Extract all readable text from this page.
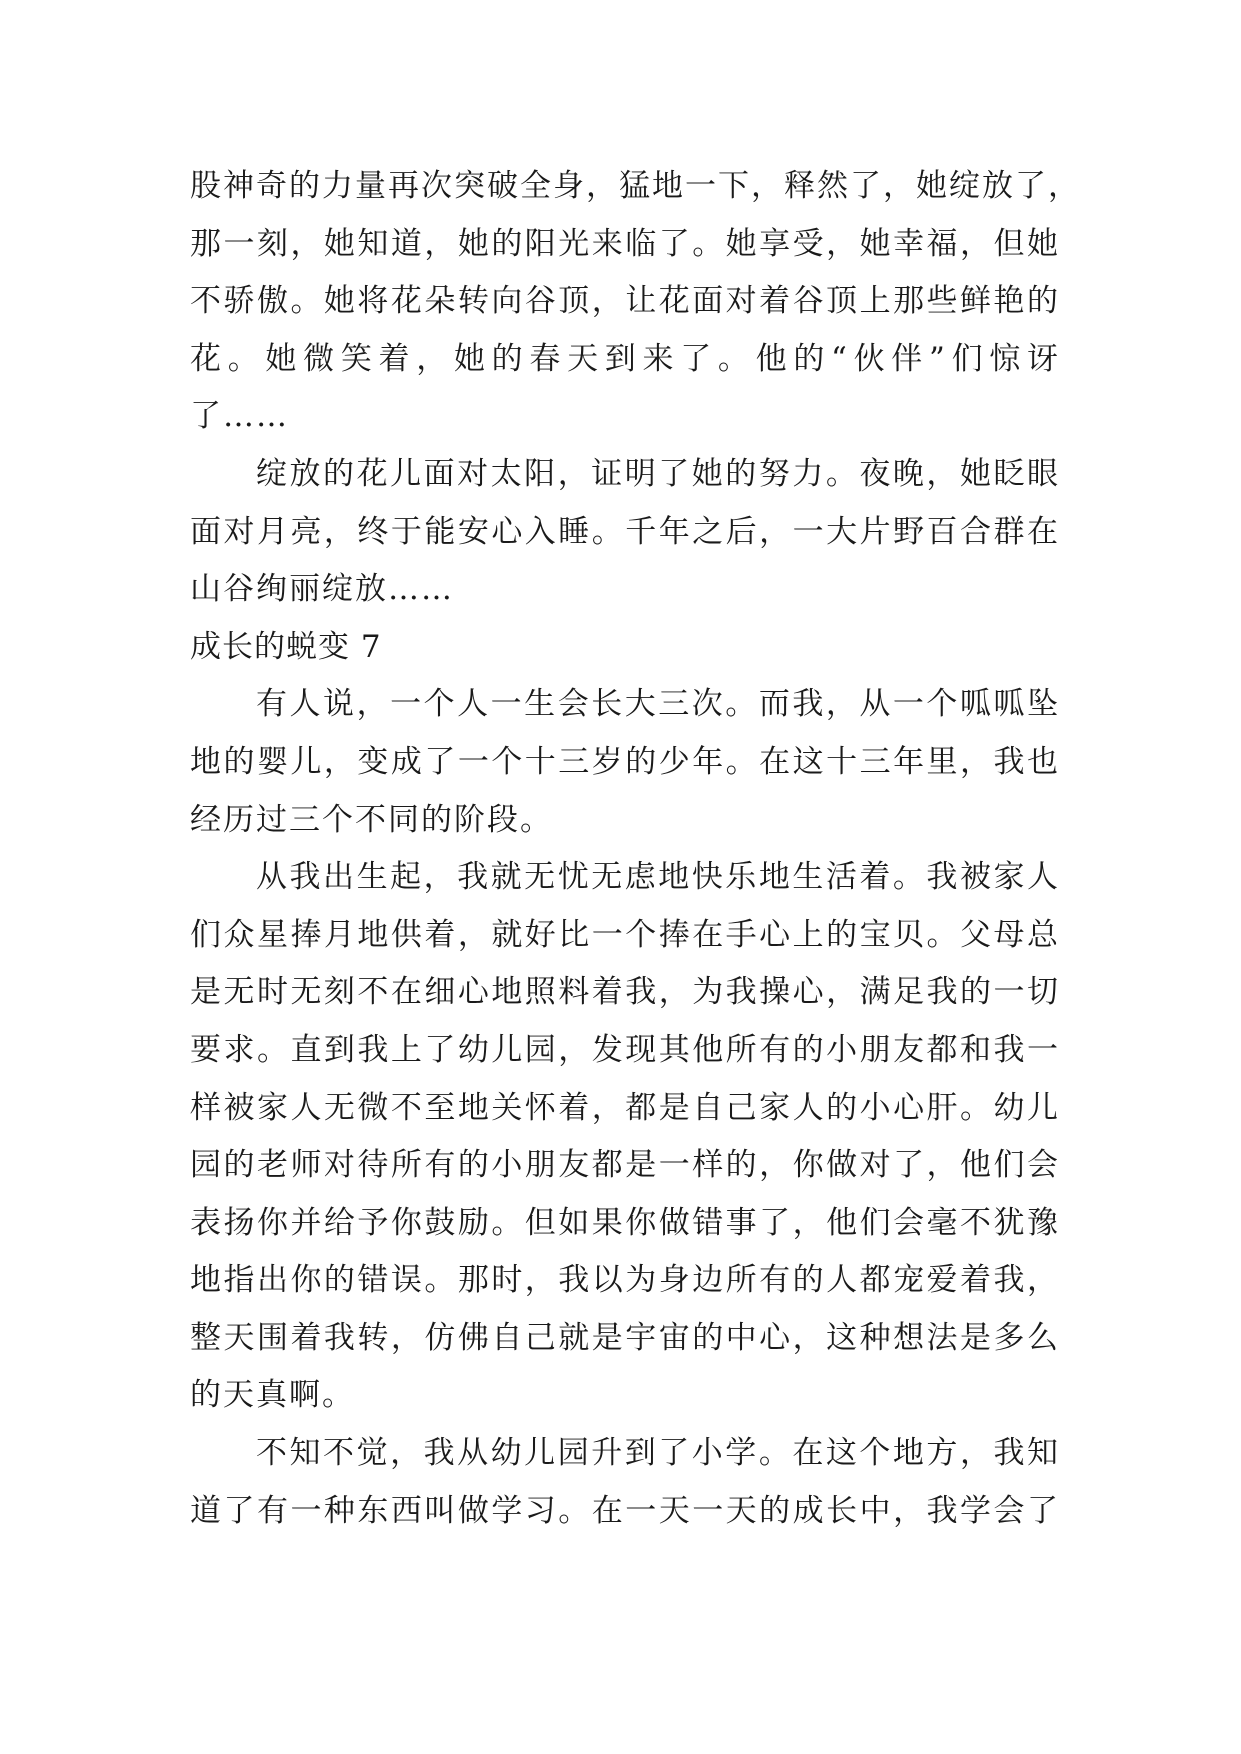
股神奇的力量再次突破全身，猛地一下，释然了，她绽放了，
那一刻，她知道，她的阳光来临了。她享受，她幸福，但她
不骄傲。她将花朵转向谷顶，让花面对着谷顶上那些鲜艳的
花。她微笑着，她的春天到来了。他的“伙伴”们惊讶
了……
绽放的花儿面对太阳，证明了她的努力。夜晚，她眨眼
面对月亮，终于能安心入睡。千年之后，一大片野百合群在
山谷绚丽绽放……
成长的蜕变 7
有人说，一个人一生会长大三次。而我，从一个呱呱坠
地的婴儿，变成了一个十三岁的少年。在这十三年里，我也
经历过三个不同的阶段。
从我出生起，我就无忧无虑地快乐地生活着。我被家人
们众星捧月地供着，就好比一个捧在手心上的宝贝。父母总
是无时无刻不在细心地照料着我，为我操心，满足我的一切
要求。直到我上了幼儿园，发现其他所有的小朋友都和我一
样被家人无微不至地关怀着，都是自己家人的小心肝。幼儿
园的老师对待所有的小朋友都是一样的，你做对了，他们会
表扬你并给予你鼓励。但如果你做错事了，他们会毫不犹豫
地指出你的错误。那时，我以为身边所有的人都宠爱着我，
整天围着我转，仿佛自己就是宇宙的中心，这种想法是多么
的天真啊。
不知不觉，我从幼儿园升到了小学。在这个地方，我知
道了有一种东西叫做学习。在一天一天的成长中，我学会了
